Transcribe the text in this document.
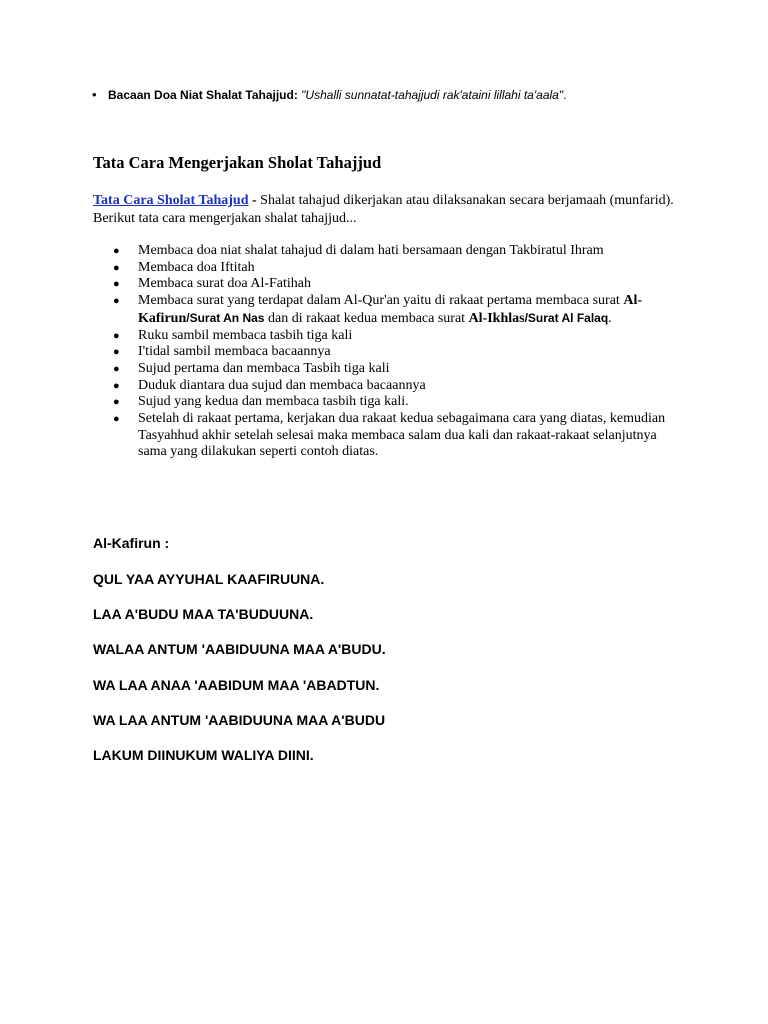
• Bacaan Doa Niat Shalat Tahajjud: "Ushalli sunnatat-tahajjudi rak'ataini lillahi ta'aala".
Tata Cara Mengerjakan Sholat Tahajjud
Tata Cara Sholat Tahajud - Shalat tahajud dikerjakan atau dilaksanakan secara berjamaah (munfarid). Berikut tata cara mengerjakan shalat tahajjud...
● Membaca doa niat shalat tahajud di dalam hati bersamaan dengan Takbiratul Ihram
● Membaca doa Iftitah
● Membaca surat doa Al-Fatihah
● Membaca surat yang terdapat dalam Al-Qur'an yaitu di rakaat pertama membaca surat Al-Kafirun/Surat An Nas dan di rakaat kedua membaca surat Al-Ikhlas/Surat Al Falaq.
● Ruku sambil membaca tasbih tiga kali
● I'tidal sambil membaca bacaannya
● Sujud pertama dan membaca Tasbih tiga kali
● Duduk diantara dua sujud dan membaca bacaannya
● Sujud yang kedua dan membaca tasbih tiga kali.
● Setelah di rakaat pertama, kerjakan dua rakaat kedua sebagaimana cara yang diatas, kemudian Tasyahhud akhir setelah selesai maka membaca salam dua kali dan rakaat-rakaat selanjutnya sama yang dilakukan seperti contoh diatas.
Al-Kafirun :
QUL YAA AYYUHAL KAAFIRUUNA.
LAA A'BUDU MAA TA'BUDUUNA.
WALAA ANTUM 'AABIDUUNA MAA A'BUDU.
WA LAA ANAA 'AABIDUM MAA 'ABADTUN.
WA LAA ANTUM 'AABIDUUNA MAA A'BUDU
LAKUM DIINUKUM WALIYA DIINI.
